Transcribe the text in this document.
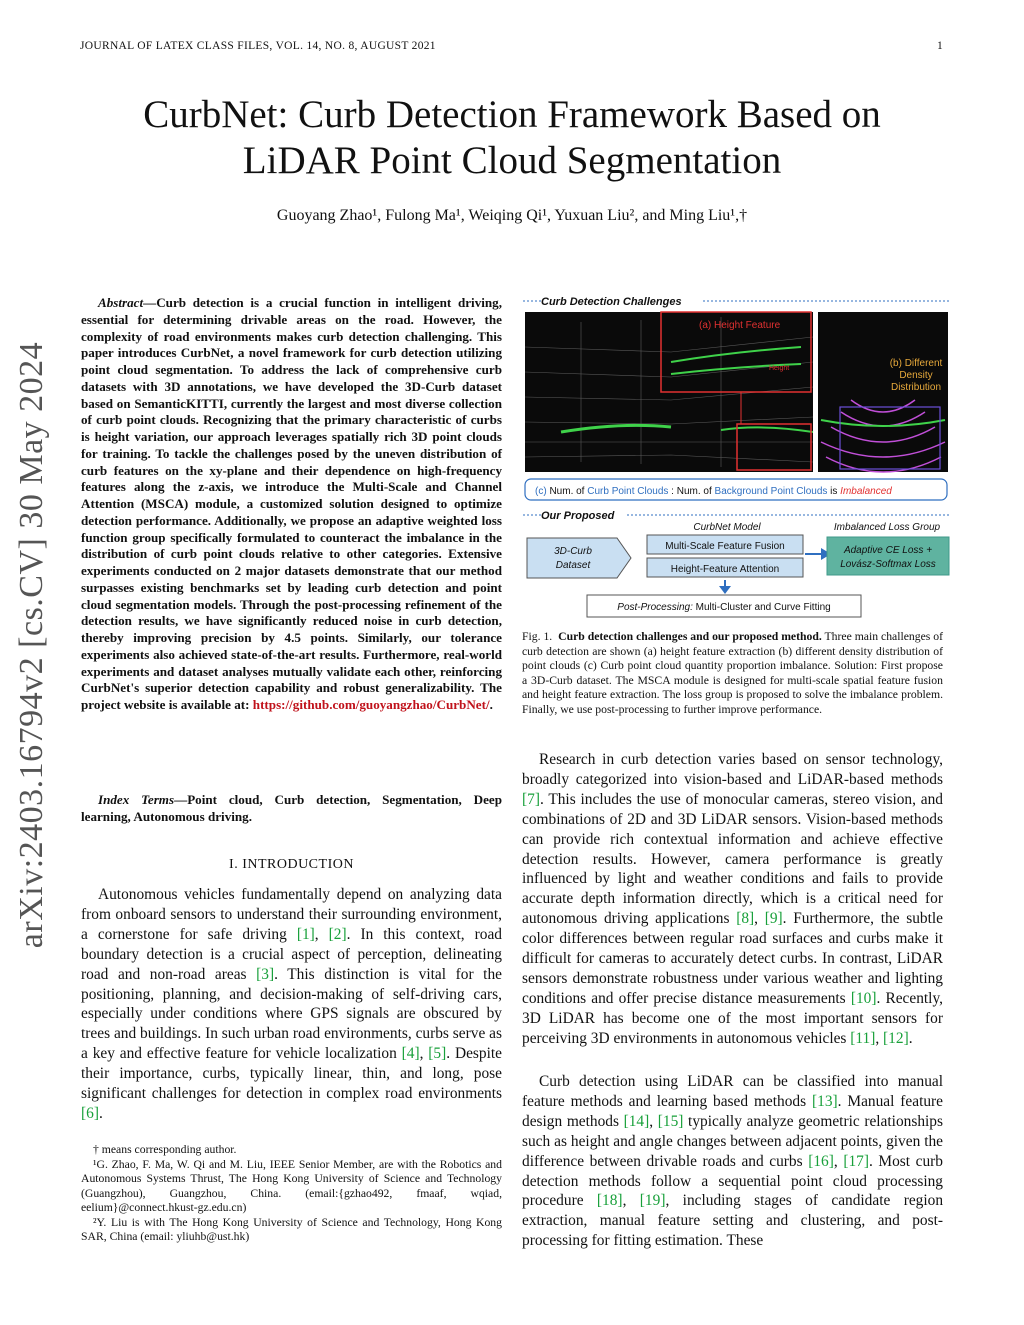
JOURNAL OF LATEX CLASS FILES, VOL. 14, NO. 8, AUGUST 2021	1
arXiv:2403.16794v2 [cs.CV] 30 May 2024
CurbNet: Curb Detection Framework Based on
LiDAR Point Cloud Segmentation
Guoyang Zhao¹, Fulong Ma¹, Weiqing Qi¹, Yuxuan Liu², and Ming Liu¹,†
Abstract—Curb detection is a crucial function in intelligent driving, essential for determining drivable areas on the road. However, the complexity of road environments makes curb detection challenging. This paper introduces CurbNet, a novel framework for curb detection utilizing point cloud segmentation. To address the lack of comprehensive curb datasets with 3D annotations, we have developed the 3D-Curb dataset based on SemanticKITTI, currently the largest and most diverse collection of curb point clouds. Recognizing that the primary characteristic of curbs is height variation, our approach leverages spatially rich 3D point clouds for training. To tackle the challenges posed by the uneven distribution of curb features on the xy-plane and their dependence on high-frequency features along the z-axis, we introduce the Multi-Scale and Channel Attention (MSCA) module, a customized solution designed to optimize detection performance. Additionally, we propose an adaptive weighted loss function group specifically formulated to counteract the imbalance in the distribution of curb point clouds relative to other categories. Extensive experiments conducted on 2 major datasets demonstrate that our method surpasses existing benchmarks set by leading curb detection and point cloud segmentation models. Through the post-processing refinement of the detection results, we have significantly reduced noise in curb detection, thereby improving precision by 4.5 points. Similarly, our tolerance experiments also achieved state-of-the-art results. Furthermore, real-world experiments and dataset analyses mutually validate each other, reinforcing CurbNet's superior detection capability and robust generalizability. The project website is available at: https://github.com/guoyangzhao/CurbNet/.
Index Terms—Point cloud, Curb detection, Segmentation, Deep learning, Autonomous driving.
I. INTRODUCTION

Autonomous vehicles fundamentally depend on analyzing data from onboard sensors to understand their surrounding environment, a cornerstone for safe driving [1], [2]. In this context, road boundary detection is a crucial aspect of perception, delineating road and non-road areas [3]. This distinction is vital for the positioning, planning, and decision-making of self-driving cars, especially under conditions where GPS signals are obscured by trees and buildings. In such urban road environments, curbs serve as a key and effective feature for vehicle localization [4], [5]. Despite their importance, curbs, typically linear, thin, and long, pose significant challenges for detection in complex road environments [6].

† means corresponding author.

¹G. Zhao, F. Ma, W. Qi and M. Liu, IEEE Senior Member, are with the Robotics and Autonomous Systems Thrust, The Hong Kong University of Science and Technology (Guangzhou), Guangzhou, China. (email:{gzhao492, fmaaf, wqiad, eelium}@connect.hkust-gz.edu.cn)

²Y. Liu is with The Hong Kong University of Science and Technology, Hong Kong SAR, China (email: yliuhb@ust.hk)

Curb Detection Challenges
(a) Height Feature
Height	(b) Different
Density
Distribution
(c) Num. of Curb Point Clouds : Num. of Background Point Clouds is Imbalanced
Our Proposed
CurbNet Model	Imbalanced Loss Group
3D-Curb
Dataset
Multi-Scale Feature Fusion
Height-Feature Attention
Adaptive CE Loss +
Lovász-Softmax Loss
Post-Processing: Multi-Cluster and Curve Fitting
Fig. 1. Curb detection challenges and our proposed method. Three main challenges of curb detection are shown (a) height feature extraction (b) different density distribution of point clouds (c) Curb point cloud quantity proportion imbalance. Solution: First propose a 3D-Curb dataset. The MSCA module is designed for multi-scale spatial feature fusion and height feature extraction. The loss group is proposed to solve the imbalance problem. Finally, we use post-processing to further improve performance.

Research in curb detection varies based on sensor technology, broadly categorized into vision-based and LiDAR-based methods [7]. This includes the use of monocular cameras, stereo vision, and combinations of 2D and 3D LiDAR sensors. Vision-based methods can provide rich contextual information and achieve effective detection results. However, camera performance is greatly influenced by light and weather conditions and fails to provide accurate depth information directly, which is a critical need for autonomous driving applications [8], [9]. Furthermore, the subtle color differences between regular road surfaces and curbs make it difficult for cameras to accurately detect curbs. In contrast, LiDAR sensors demonstrate robustness under various weather and lighting conditions and offer precise distance measurements [10]. Recently, 3D LiDAR has become one of the most important sensors for perceiving 3D environments in autonomous vehicles [11], [12].

Curb detection using LiDAR can be classified into manual feature methods and learning based methods [13]. Manual feature design methods [14], [15] typically analyze geometric relationships such as height and angle changes between adjacent points, given the difference between drivable roads and curbs [16], [17]. Most curb detection methods follow a sequential point cloud processing procedure [18], [19], including stages of candidate region extraction, manual feature setting and clustering, and post-processing for fitting estimation. These
